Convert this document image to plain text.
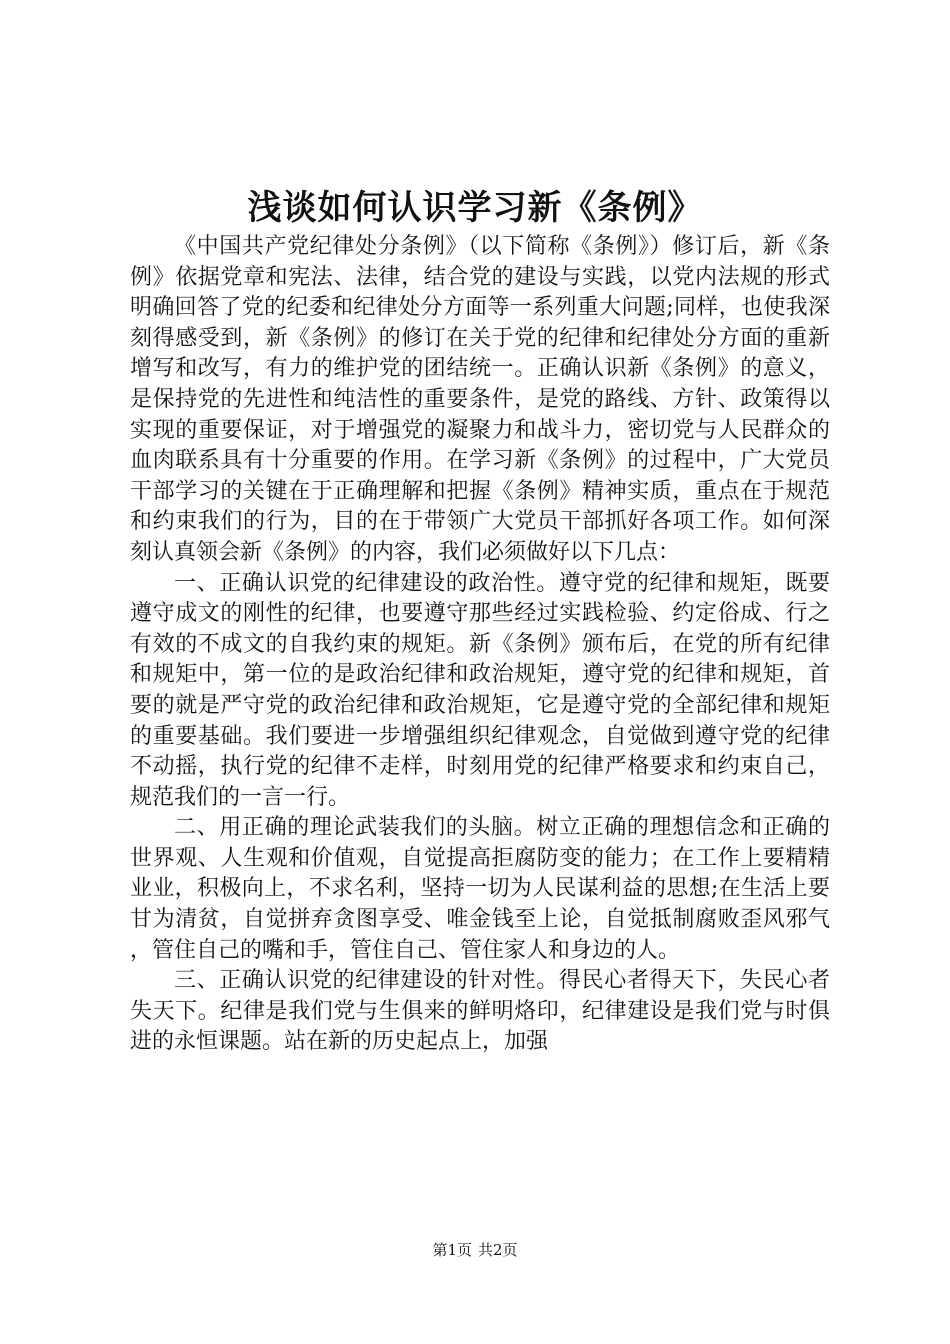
浅谈如何认识学习新《条例》

《中国共产党纪律处分条例》（以下简称《条例》）修订后，新《条例》依据党章和宪法、法律，结合党的建设与实践，以党内法规的形式明确回答了党的纪委和纪律处分方面等一系列重大问题;同样，也使我深刻得感受到，新《条例》的修订在关于党的纪律和纪律处分方面的重新增写和改写，有力的维护党的团结统一。正确认识新《条例》的意义，是保持党的先进性和纯洁性的重要条件，是党的路线、方针、政策得以实现的重要保证，对于增强党的凝聚力和战斗力，密切党与人民群众的血肉联系具有十分重要的作用。在学习新《条例》的过程中，广大党员干部学习的关键在于正确理解和把握《条例》精神实质，重点在于规范和约束我们的行为，目的在于带领广大党员干部抓好各项工作。如何深刻认真领会新《条例》的内容，我们必须做好以下几点：

一、正确认识党的纪律建设的政治性。遵守党的纪律和规矩，既要遵守成文的刚性的纪律，也要遵守那些经过实践检验、约定俗成、行之有效的不成文的自我约束的规矩。新《条例》颁布后，在党的所有纪律和规矩中，第一位的是政治纪律和政治规矩，遵守党的纪律和规矩，首要的就是严守党的政治纪律和政治规矩，它是遵守党的全部纪律和规矩的重要基础。我们要进一步增强组织纪律观念，自觉做到遵守党的纪律不动摇，执行党的纪律不走样，时刻用党的纪律严格要求和约束自己，规范我们的一言一行。

二、用正确的理论武装我们的头脑。树立正确的理想信念和正确的世界观、人生观和价值观，自觉提高拒腐防变的能力；在工作上要精精业业，积极向上，不求名利，坚持一切为人民谋利益的思想;在生活上要甘为清贫，自觉拼弃贪图享受、唯金钱至上论，自觉抵制腐败歪风邪气，管住自己的嘴和手，管住自己、管住家人和身边的人。

三、正确认识党的纪律建设的针对性。得民心者得天下，失民心者失天下。纪律是我们党与生俱来的鲜明烙印，纪律建设是我们党与时俱进的永恒课题。站在新的历史起点上，加强

第1页 共2页
